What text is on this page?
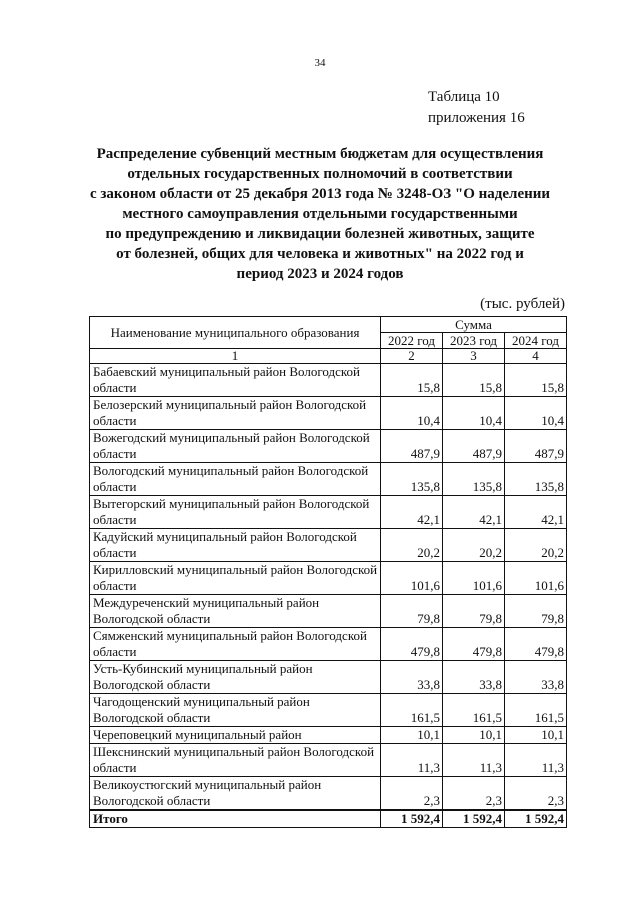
34
Таблица 10
приложения 16
Распределение субвенций местным бюджетам для осуществления
отдельных государственных полномочий в соответствии
с законом области от 25 декабря 2013 года № 3248-ОЗ "О наделении
местного самоуправления отдельными государственными
по предупреждению и ликвидации болезней животных, защите
от болезней, общих для человека и животных" на 2022 год и
период 2023 и 2024 годов
(тыс. рублей)
Наименование муниципального образования	Сумма		
	2022 год	2023 год	2024 год
1	2	3	4
Бабаевский муниципальный район Вологодской области	15,8	15,8	15,8
Белозерский муниципальный район Вологодской области	10,4	10,4	10,4
Вожегодский муниципальный район Вологодской области	487,9	487,9	487,9
Вологодский муниципальный район Вологодской области	135,8	135,8	135,8
Вытегорский муниципальный район Вологодской области	42,1	42,1	42,1
Кадуйский муниципальный район Вологодской области	20,2	20,2	20,2
Кирилловский муниципальный район Вологодской области	101,6	101,6	101,6
Междуреченский муниципальный район Вологодской области	79,8	79,8	79,8
Сямженский муниципальный район Вологодской области	479,8	479,8	479,8
Усть-Кубинский муниципальный район Вологодской области	33,8	33,8	33,8
Чагодощенский муниципальный район Вологодской области	161,5	161,5	161,5
Череповецкий муниципальный район	10,1	10,1	10,1
Шекснинский муниципальный район Вологодской области	11,3	11,3	11,3
Великоустюгский муниципальный район Вологодской области	2,3	2,3	2,3
Итого	1 592,4	1 592,4	1 592,4
